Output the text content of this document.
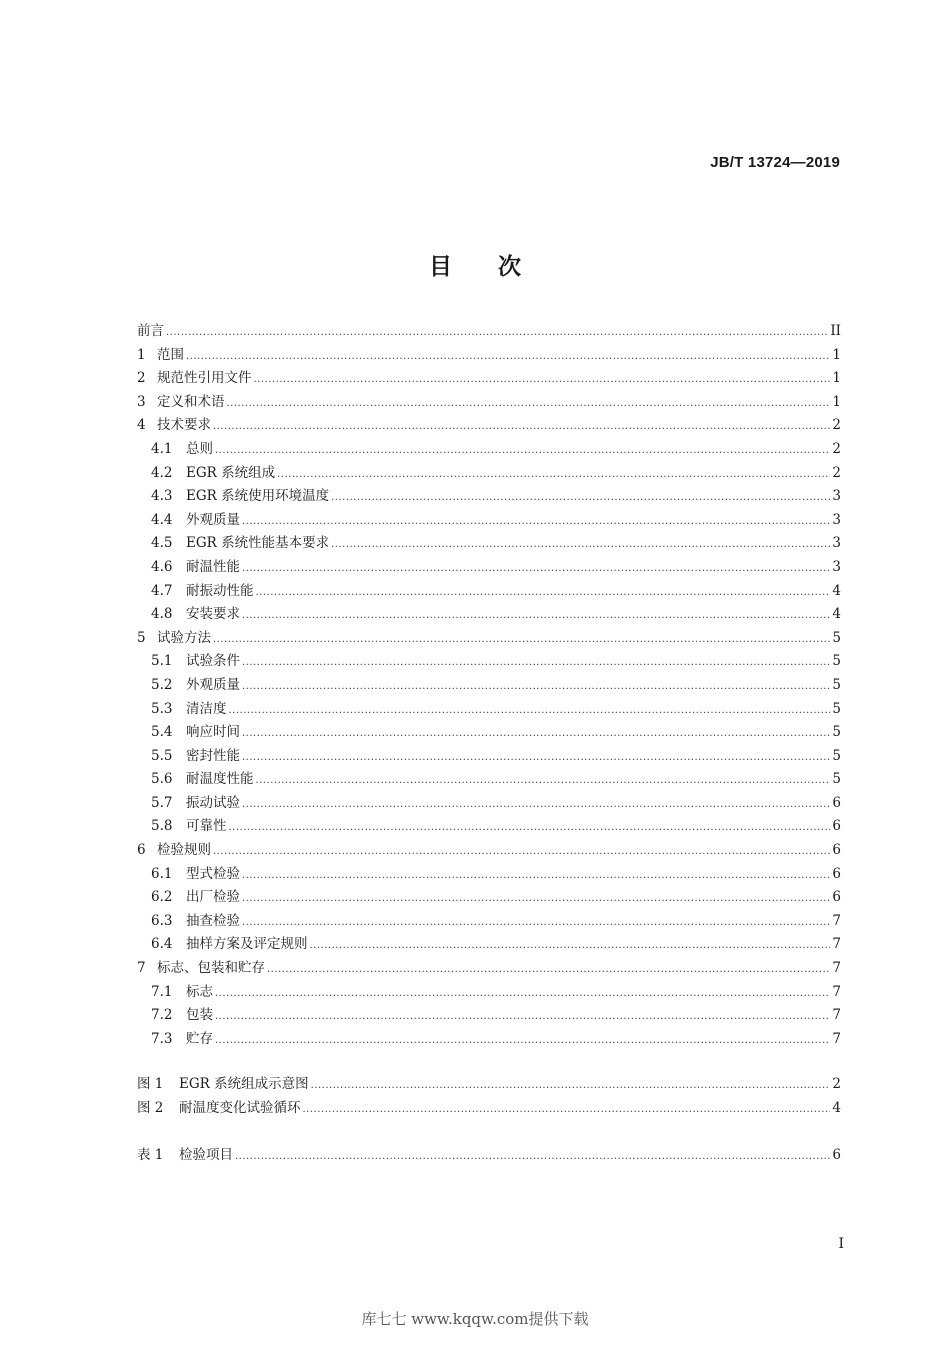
JB/T 13724—2019
目次
前言 .....	II
1 范围 .....	1
2 规范性引用文件 .....	1
3 定义和术语 .....	1
4 技术要求 .....	2
4.1	总则 .....	2
4.2	EGR 系统组成 .....	2
4.3	EGR 系统使用环境温度 .....	3
4.4	外观质量 .....	3
4.5	EGR 系统性能基本要求 .....	3
4.6	耐温性能 .....	3
4.7	耐振动性能 .....	4
4.8	安装要求 .....	4
5 试验方法 .....	5
5.1	试验条件 .....	5
5.2	外观质量 .....	5
5.3	清洁度 .....	5
5.4	响应时间 .....	5
5.5	密封性能 .....	5
5.6	耐温度性能 .....	5
5.7	振动试验 .....	6
5.8	可靠性 .....	6
6 检验规则 .....	6
6.1	型式检验 .....	6
6.2	出厂检验 .....	6
6.3	抽查检验 .....	7
6.4	抽样方案及评定规则 .....	7
7 标志、包装和贮存 .....	7
7.1	标志 .....	7
7.2	包装 .....	7
7.3	贮存 .....	7
图 1	EGR 系统组成示意图 .....	2
图 2	耐温度变化试验循环 .....	4
表 1	检验项目 .....	6
I
库七七 www.kqqw.com提供下载
